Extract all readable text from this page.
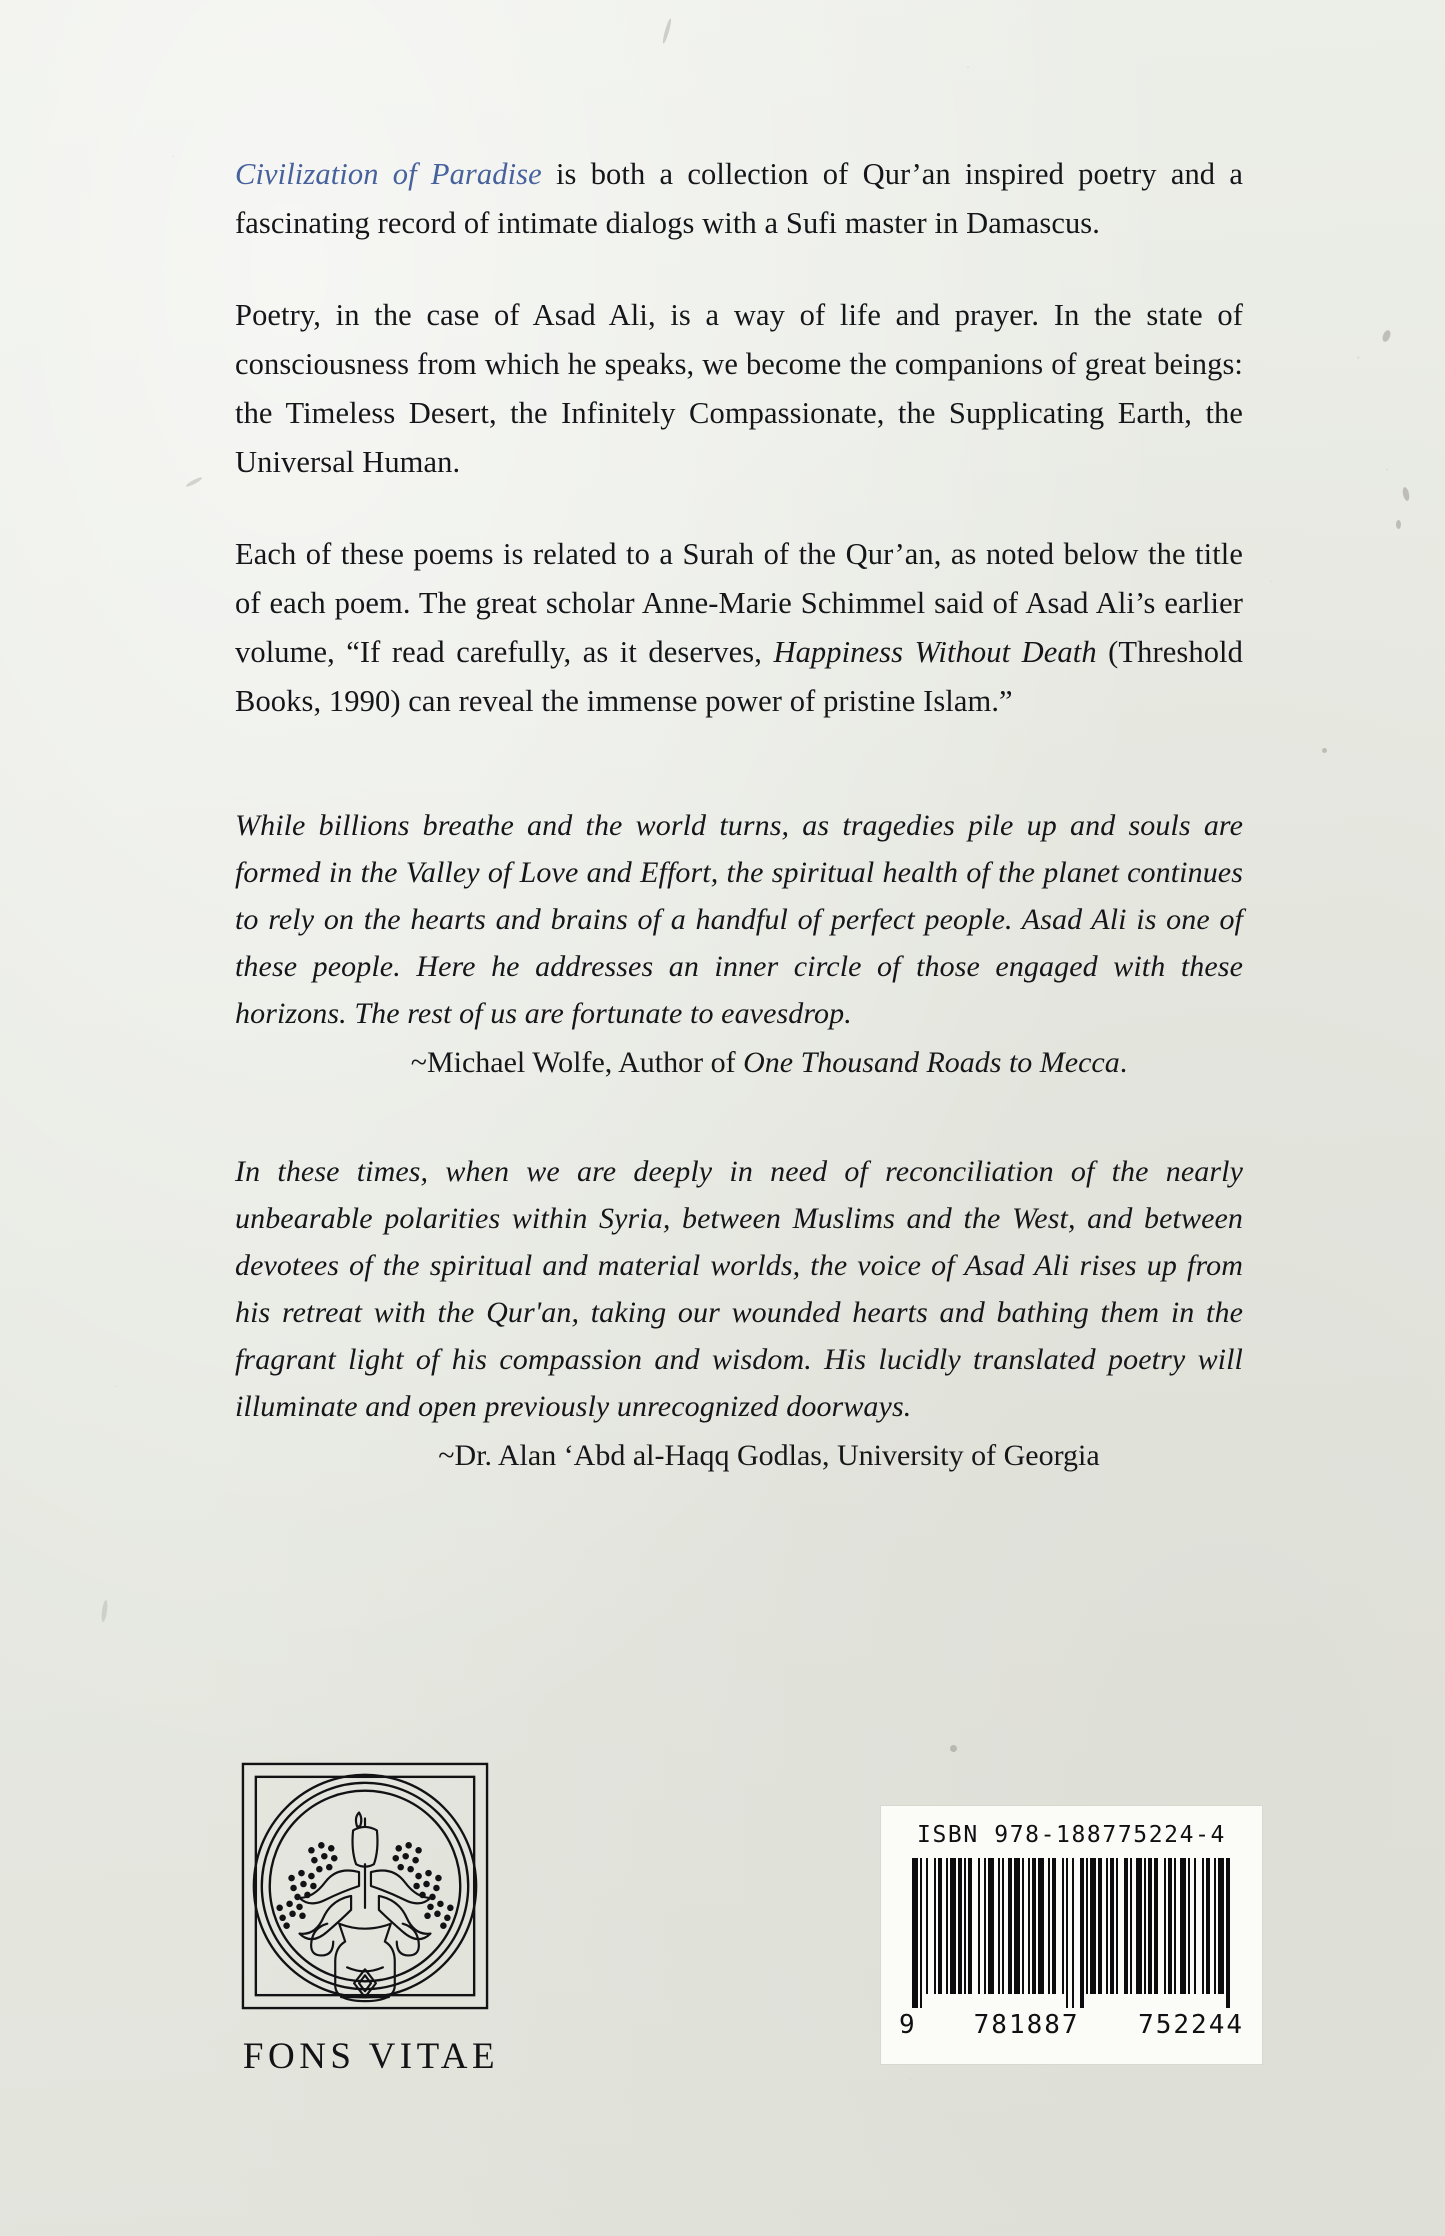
Civilization of Paradise is both a collection of Qur’an inspired poetry and a fascinating record of intimate dialogs with a Sufi master in Damascus.

Poetry, in the case of Asad Ali, is a way of life and prayer. In the state of consciousness from which he speaks, we become the companions of great beings: the Timeless Desert, the Infinitely Compassionate, the Supplicating Earth, the Universal Human.

Each of these poems is related to a Surah of the Qur’an, as noted below the title of each poem. The great scholar Anne-Marie Schimmel said of Asad Ali’s earlier volume, “If read carefully, as it deserves, Happiness Without Death (Threshold Books, 1990) can reveal the immense power of pristine Islam.”

While billions breathe and the world turns, as tragedies pile up and souls are formed in the Valley of Love and Effort, the spiritual health of the planet continues to rely on the hearts and brains of a handful of perfect people. Asad Ali is one of these people. Here he addresses an inner circle of those engaged with these horizons. The rest of us are fortunate to eavesdrop.

~Michael Wolfe, Author of One Thousand Roads to Mecca.

In these times, when we are deeply in need of reconciliation of the nearly unbearable polarities within Syria, between Muslims and the West, and between devotees of the spiritual and material worlds, the voice of Asad Ali rises up from his retreat with the Qur'an, taking our wounded hearts and bathing them in the fragrant light of his compassion and wisdom. His lucidly translated poetry will illuminate and open previously unrecognized doorways.

~Dr. Alan ‘Abd al-Haqq Godlas, University of Georgia

FONS VITAE
ISBN 978-188775224-4
9 781887 752244
